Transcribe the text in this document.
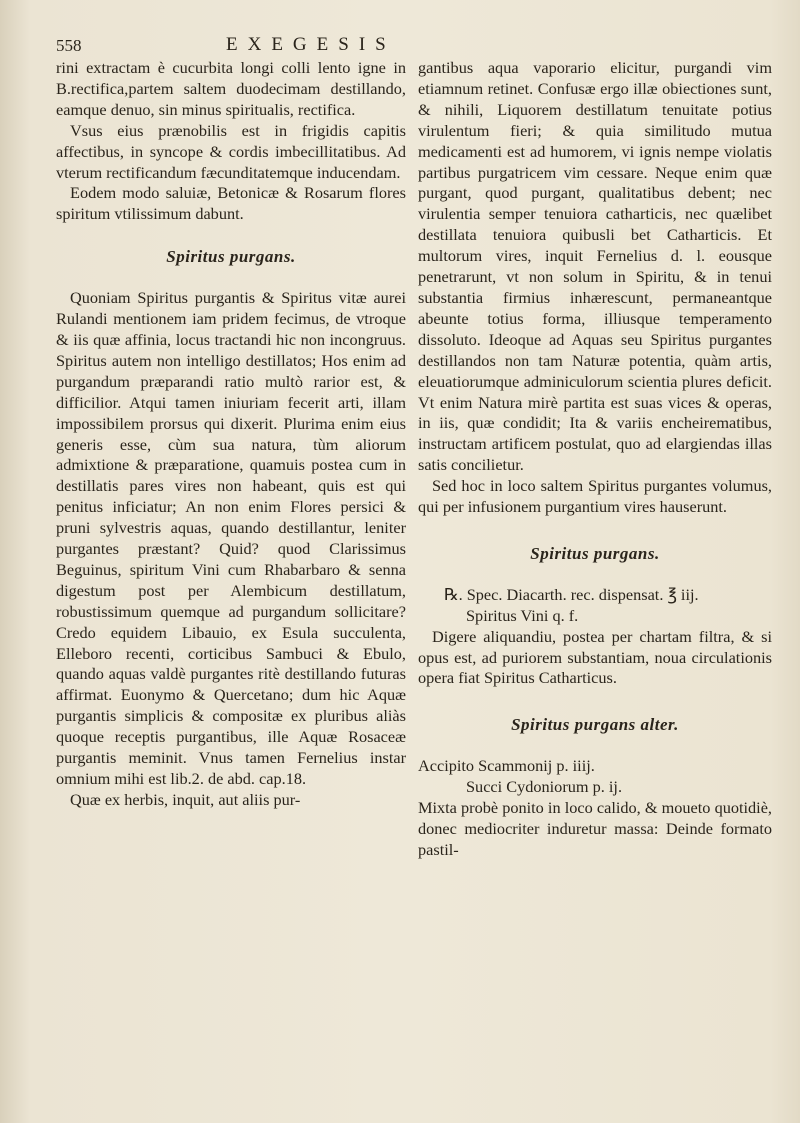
558	EXEGESIS

rini extractam è cucurbita longi colli lento igne in B.rectifica,partem saltem duodecimam destillando, eamque denuo, sin minus spiritualis, rectifica.

Vsus eius prænobilis est in frigidis capitis affectibus, in syncope & cordis imbecillitatibus. Ad vterum rectificandum fæcunditatemque inducendam.

Eodem modo saluiæ, Betonicæ & Rosarum flores spiritum vtilissimum dabunt.

Spiritus purgans.

Quoniam Spiritus purgantis & Spiritus vitæ aurei Rulandi mentionem iam pridem fecimus, de vtroque & iis quæ affinia, locus tractandi hic non incongruus. Spiritus autem non intelligo destillatos; Hos enim ad purgandum præparandi ratio multò rarior est, & difficilior. Atqui tamen iniuriam fecerit arti, illam impossibilem prorsus qui dixerit. Plurima enim eius generis esse, cùm sua natura, tùm aliorum admixtione & præparatione, quamuis postea cum in destillatis pares vires non habeant, quis est qui penitus inficiatur; An non enim Flores persici & pruni sylvestris aquas, quando destillantur, leniter purgantes præstant? Quid? quod Clarissimus Beguinus, spiritum Vini cum Rhabarbaro & senna digestum post per Alembicum destillatum, robustissimum quemque ad purgandum sollicitare? Credo equidem Libauio, ex Esula succulenta, Elleboro recenti, corticibus Sambuci & Ebulo, quando aquas valdè purgantes ritè destillando futuras affirmat. Euonymo & Quercetano; dum hic Aquæ purgantis simplicis & compositæ ex pluribus aliàs quoque receptis purgantibus, ille Aquæ Rosaceæ purgantis meminit. Vnus tamen Fernelius instar omnium mihi est lib.2. de abd. cap.18.

Quæ ex herbis, inquit, aut aliis pur-

gantibus aqua vaporario elicitur, purgandi vim etiamnum retinet. Confusæ ergo illæ obiectiones sunt, & nihili, Liquorem destillatum tenuitate potius virulentum fieri; & quia similitudo mutua medicamenti est ad humorem, vi ignis nempe violatis partibus purgatricem vim cessare. Neque enim quæ purgant, quod purgant, qualitatibus debent; nec virulentia semper tenuiora catharticis, nec quælibet destillata tenuiora quibusli bet Catharticis. Et multorum vires, inquit Fernelius d. l. eousque penetrarunt, vt non solum in Spiritu, & in tenui substantia firmius inhærescunt, permaneantque abeunte totius forma, illiusque temperamento dissoluto. Ideoque ad Aquas seu Spiritus purgantes destillandos non tam Naturæ potentia, quàm artis, eleuatiorumque adminiculorum scientia plures deficit. Vt enim Natura mirè partita est suas vices & operas, in iis, quæ condidit; Ita & variis encheirematibus, instructam artificem postulat, quo ad elargiendas illas satis concilietur.

Sed hoc in loco saltem Spiritus purgantes volumus, qui per infusionem purgantium vires hauserunt.

Spiritus purgans.

℞. Spec. Diacarth. rec. dispensat. ℥ iij.

Spiritus Vini q. f.

Digere aliquandiu, postea per chartam filtra, & si opus est, ad puriorem substantiam, noua circulationis opera fiat Spiritus Catharticus.

Spiritus purgans alter.

Accipito Scammonij p. iiij.

Succi Cydoniorum p. ij.

Mixta probè ponito in loco calido, & moueto quotidiè, donec mediocriter induretur massa: Deinde formato pastil-
